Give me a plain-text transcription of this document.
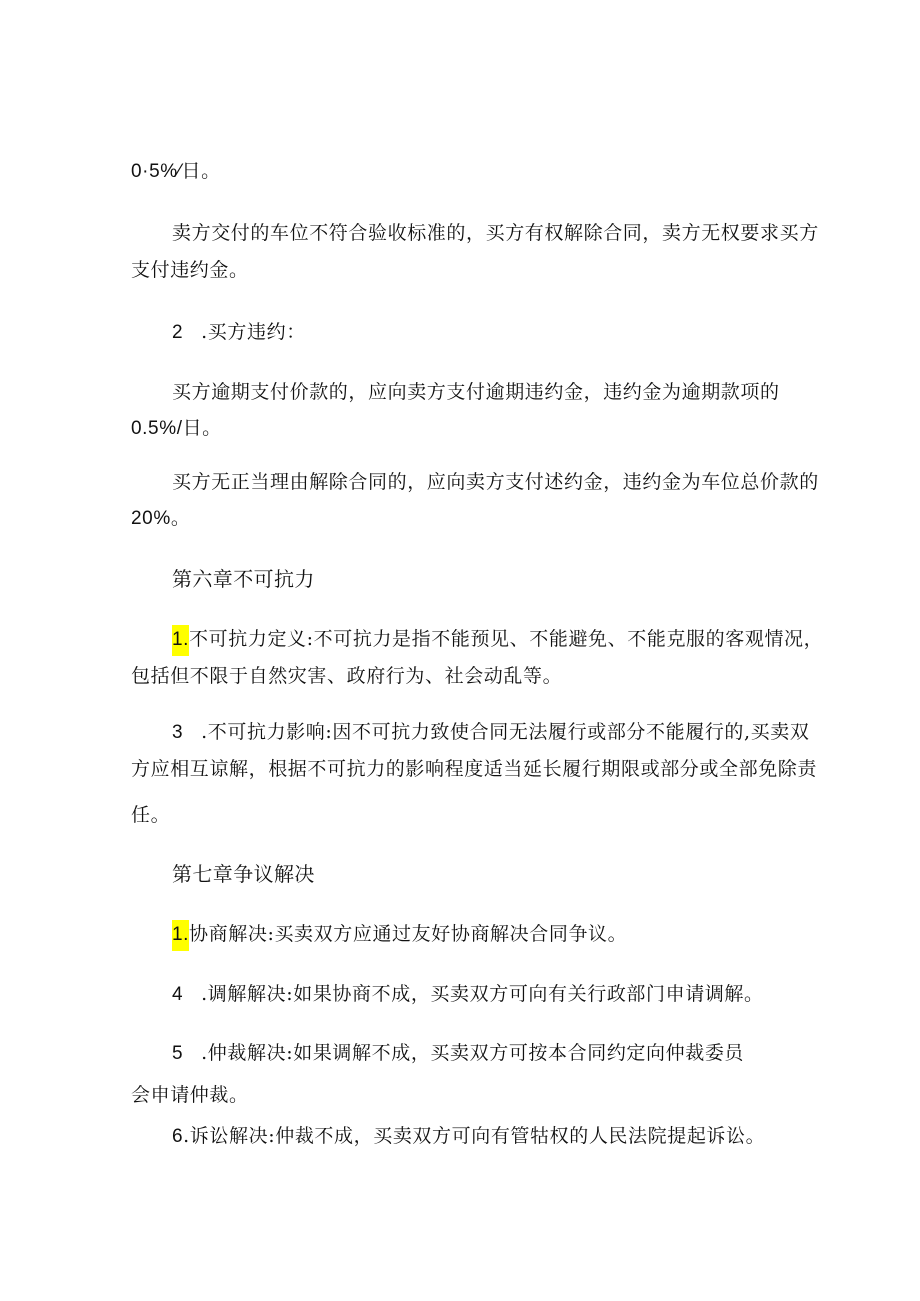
0·5%⁄日。
卖方交付的车位不符合验收标准的，买方有权解除合同，卖方无权要求买方
支付违约金。
2 .买方违约：
买方逾期支付价款的，应向卖方支付逾期违约金，违约金为逾期款项的
0.5%/日。
买方无正当理由解除合同的，应向卖方支付述约金，违约金为车位总价款的
20%。
第六章不可抗力
1.不可抗力定义:不可抗力是指不能预见、不能避免、不能克服的客观情况，
包括但不限于自然灾害、政府行为、社会动乱等。
3 .不可抗力影响:因不可抗力致使合同无法履行或部分不能履行的,买卖双
方应相互谅解，根据不可抗力的影响程度适当延长履行期限或部分或全部免除责
任。
第七章争议解决
1.协商解决:买卖双方应通过友好协商解决合同争议。
4 .调解解决:如果协商不成，买卖双方可向有关行政部门申请调解。
5 .仲裁解决:如果调解不成，买卖双方可按本合同约定向仲裁委员
会申请仲裁。
6.诉讼解决:仲裁不成，买卖双方可向有管牯权的人民法院提起诉讼。
